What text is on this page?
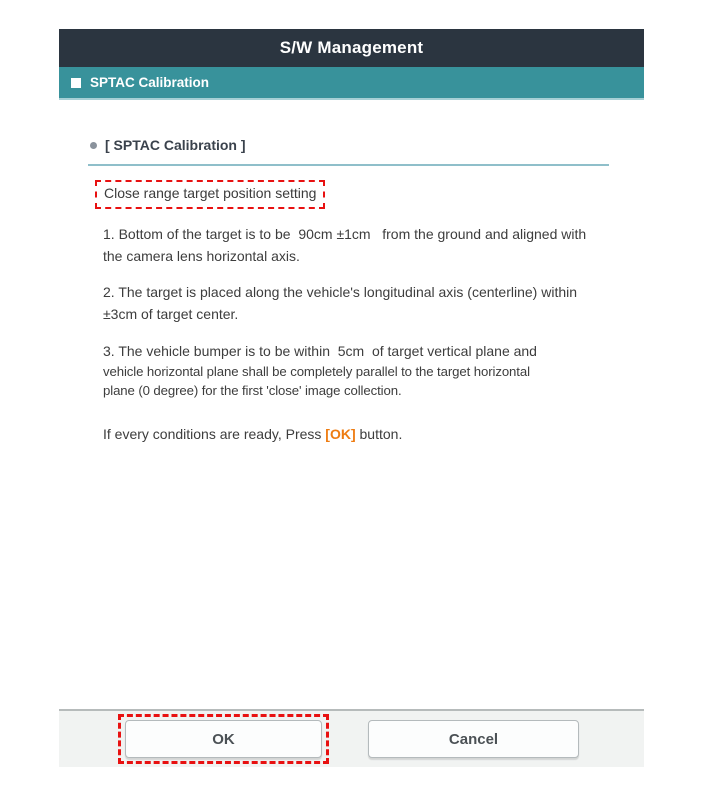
S/W Management
SPTAC Calibration
[ SPTAC Calibration ]
Close range target position setting
1. Bottom of the target is to be  90cm ±1cm   from the ground and aligned with
the camera lens horizontal axis.
2. The target is placed along the vehicle's longitudinal axis (centerline) within
±3cm of target center.
3. The vehicle bumper is to be within  5cm  of target vertical plane and
vehicle horizontal plane shall be completely parallel to the target horizontal
plane (0 degree) for the first 'close' image collection.
If every conditions are ready, Press [OK] button.
OK	Cancel
